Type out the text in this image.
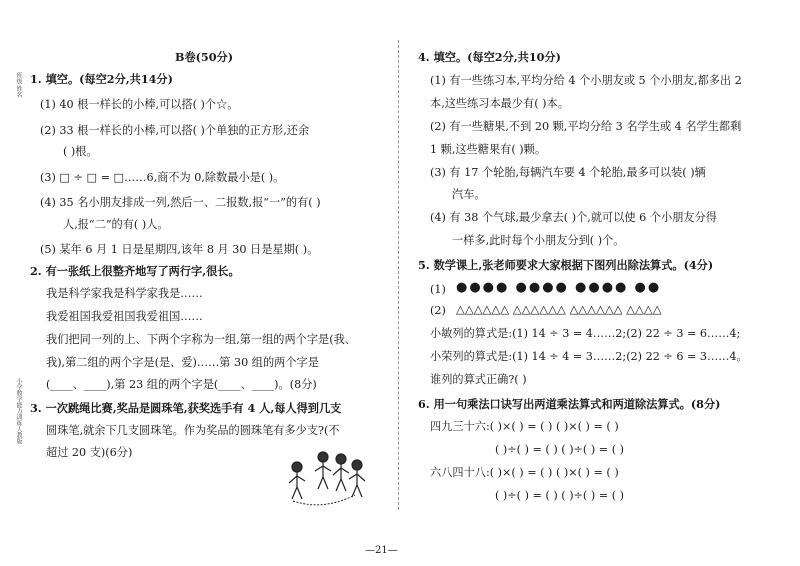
班级 姓名
小学数学能力训练人教版
B卷(50分)
1. 填空。(每空2分,共14分)
(1) 40 根一样长的小棒,可以搭( )个☆。
(2) 33 根一样长的小棒,可以搭( )个单独的正方形,还余
( )根。
(3) □ ÷ □ = □……6,商不为 0,除数最小是( )。
(4) 35 名小朋友排成一列,然后一、二报数,报“一”的有( )
人,报“二”的有( )人。
(5) 某年 6 月 1 日是星期四,该年 8 月 30 日是星期( )。
2. 有一张纸上很整齐地写了两行字,很长。
我是科学家我是科学家我是……
我爱祖国我爱祖国我爱祖国……
我们把同一列的上、下两个字称为一组,第一组的两个字是(我、
我),第二组的两个字是(是、爱)……第 30 组的两个字是
(____、____),第 23 组的两个字是(____、____)。(8分)
3. 一次跳绳比赛,奖品是圆珠笔,获奖选手有 4 人,每人得到几支
圆珠笔,就余下几支圆珠笔。作为奖品的圆珠笔有多少支?(不
超过 20 支)(6分)
4. 填空。(每空2分,共10分)
(1) 有一些练习本,平均分给 4 个小朋友或 5 个小朋友,都多出 2
本,这些练习本最少有( )本。
(2) 有一些糖果,不到 20 颗,平均分给 3 名学生或 4 名学生都剩
1 颗,这些糖果有( )颗。
(3) 有 17 个轮胎,每辆汽车要 4 个轮胎,最多可以装( )辆
汽车。
(4) 有 38 个气球,最少拿去( )个,就可以使 6 个小朋友分得
一样多,此时每个小朋友分到( )个。
5. 数学课上,张老师要求大家根据下图列出除法算式。(4分)
(1) ●●●● ●●●● ●●●● ●●
(2) △△△△△△ △△△△△△ △△△△△△ △△△△
小敏列的算式是:(1) 14 ÷ 3 = 4……2;(2) 22 ÷ 3 = 6……4;
小荣列的算式是:(1) 14 ÷ 4 = 3……2;(2) 22 ÷ 6 = 3……4。
谁列的算式正确?( )
6. 用一句乘法口诀写出两道乘法算式和两道除法算式。(8分)
四九三十六:( )×( ) = ( ) ( )×( ) = ( )
( )÷( ) = ( ) ( )÷( ) = ( )
六八四十八:( )×( ) = ( ) ( )×( ) = ( )
( )÷( ) = ( ) ( )÷( ) = ( )
—21—
